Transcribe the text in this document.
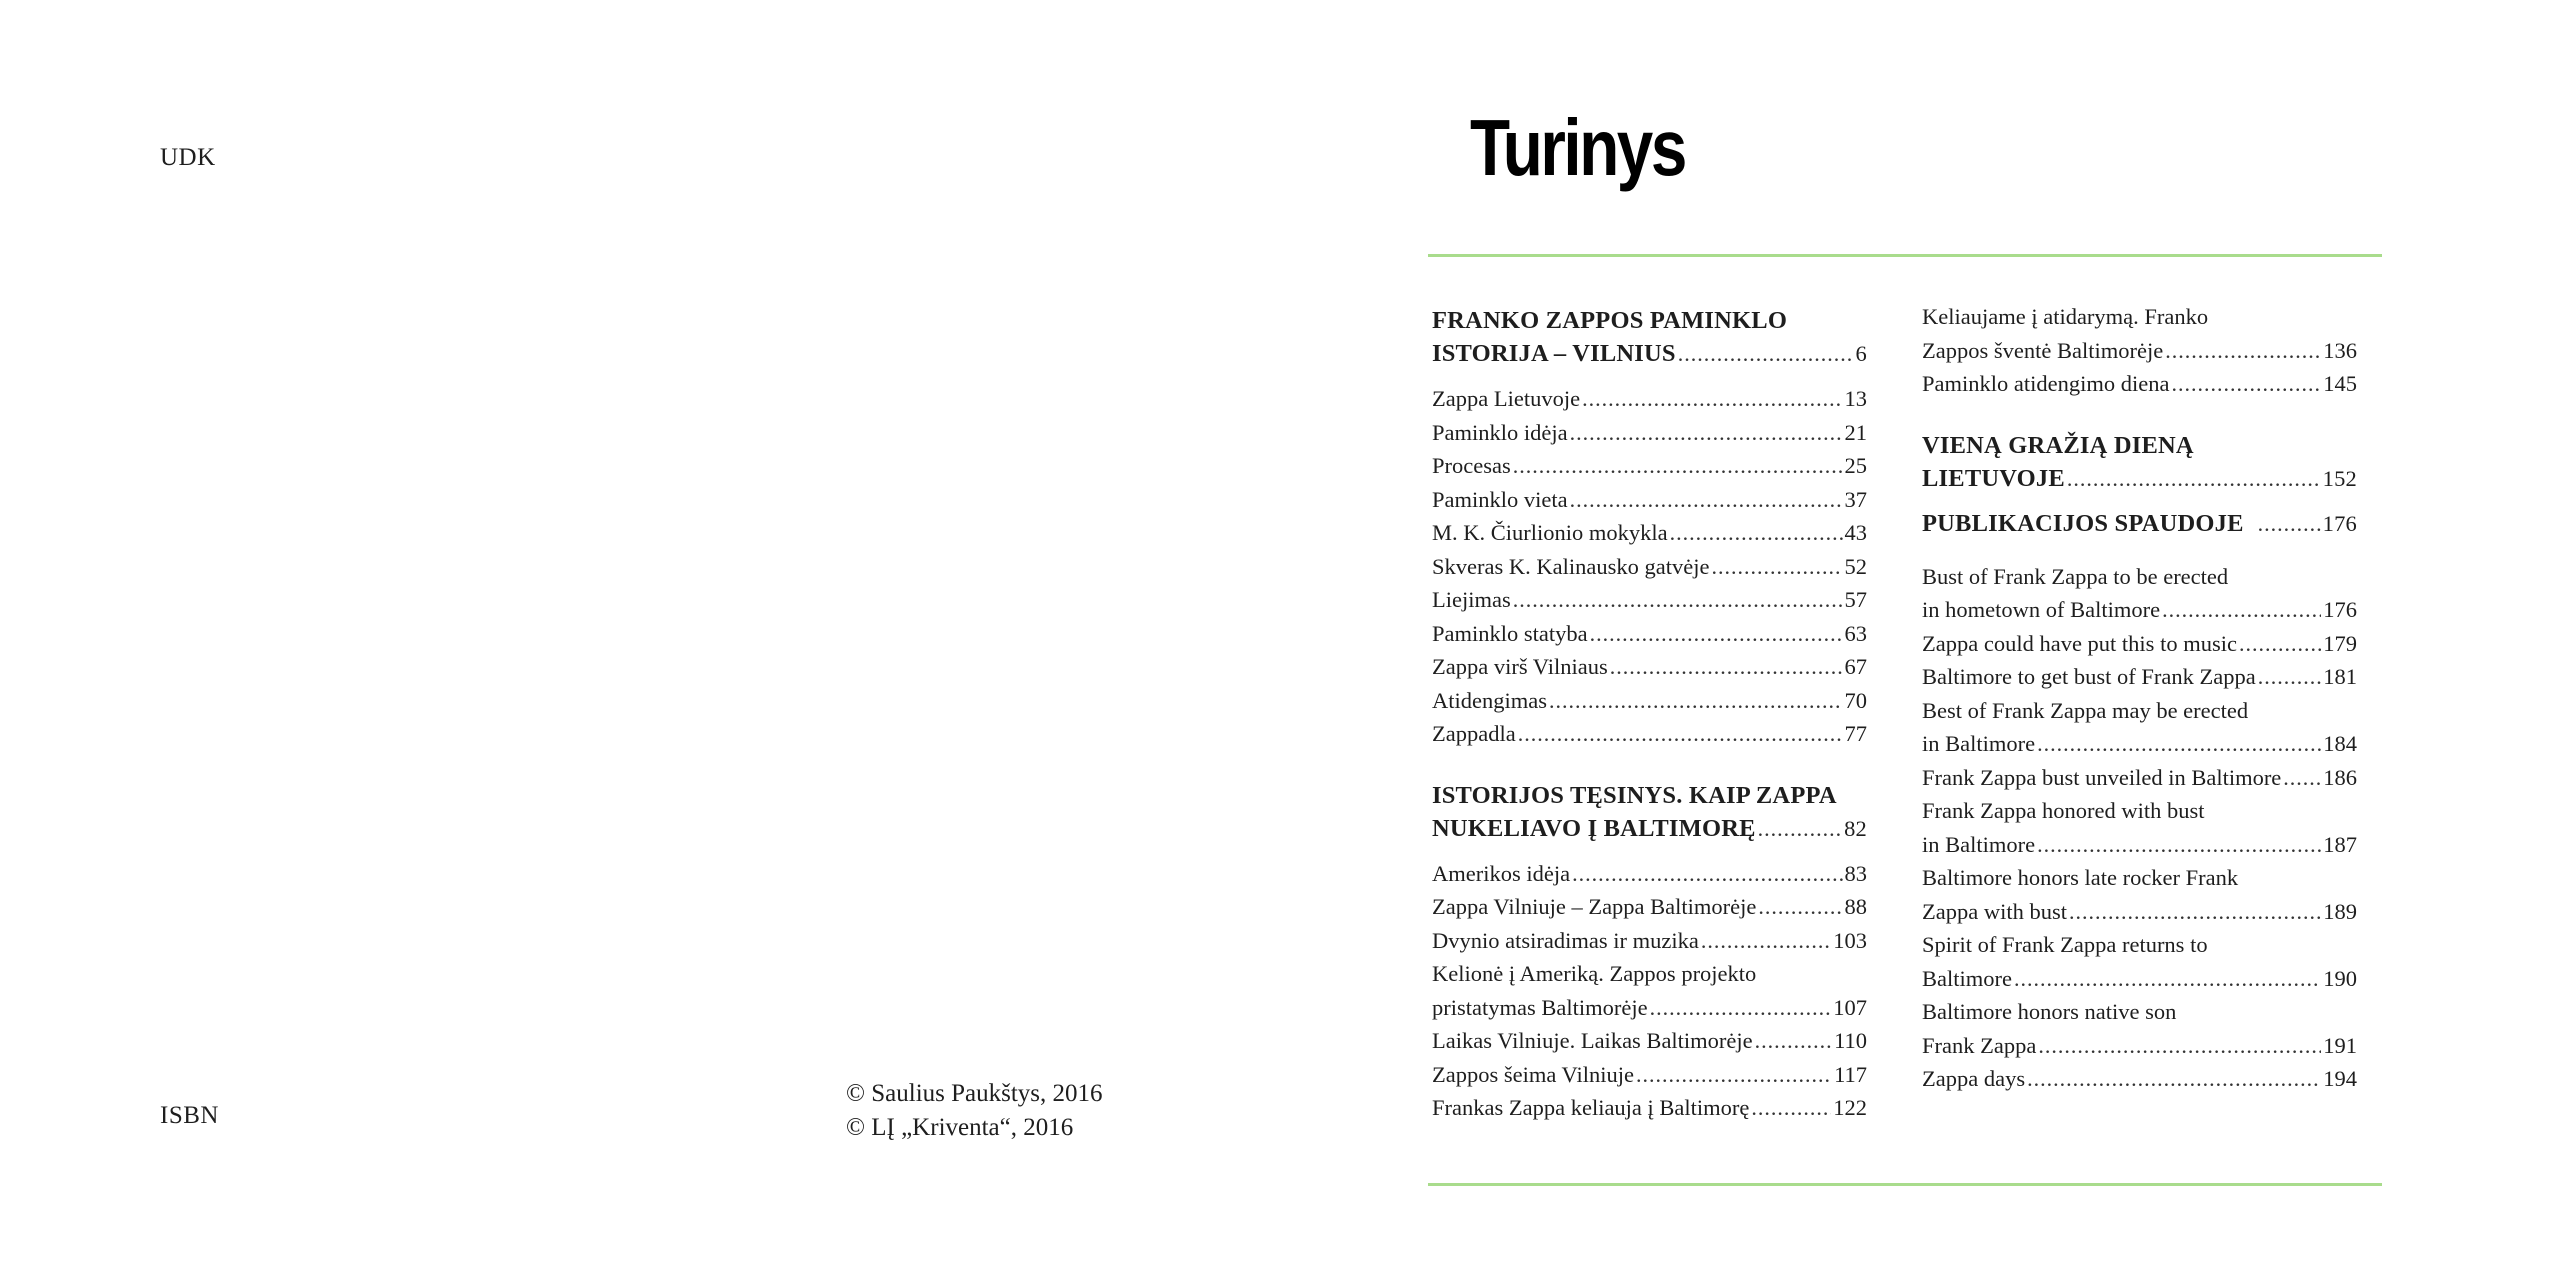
UDK
ISBN
© Saulius Paukštys, 2016
© LĮ „Kriventa“, 2016
Turinys
FRANKO ZAPPOS PAMINKLO
ISTORIJA – VILNIUS .....	6
Zappa Lietuvoje .....	13
Paminklo idėja .....	21
Procesas .....	25
Paminklo vieta .....	37
M. K. Čiurlionio mokykla .....	43
Skveras K. Kalinausko gatvėje .....	52
Liejimas .....	57
Paminklo statyba .....	63
Zappa virš Vilniaus .....	67
Atidengimas .....	70
Zappadla .....	77
ISTORIJOS TĘSINYS. KAIP ZAPPA
NUKELIAVO Į BALTIMORĘ .....	82
Amerikos idėja .....	83
Zappa Vilniuje – Zappa Baltimorėje .....	88
Dvynio atsiradimas ir muzika .....	103
Kelionė į Ameriką. Zappos projekto
pristatymas Baltimorėje .....	107
Laikas Vilniuje. Laikas Baltimorėje .....	110
Zappos šeima Vilniuje .....	117
Frankas Zappa keliauja į Baltimorę .....	122
Keliaujame į atidarymą. Franko
Zappos šventė Baltimorėje .....	136
Paminklo atidengimo diena .....	145
VIENĄ GRAŽIĄ DIENĄ
LIETUVOJE .....	152
PUBLIKACIJOS SPAUDOJE .....	176
Bust of Frank Zappa to be erected
in hometown of Baltimore .....	176
Zappa could have put this to music .....	179
Baltimore to get bust of Frank Zappa .....	181
Best of Frank Zappa may be erected
in Baltimore .....	184
Frank Zappa bust unveiled in Baltimore ..... 186
Frank Zappa honored with bust
in Baltimore .....	187
Baltimore honors late rocker Frank
Zappa with bust .....	189
Spirit of Frank Zappa returns to
Baltimore .....	190
Baltimore honors native son
Frank Zappa .....	191
Zappa days .....	194
